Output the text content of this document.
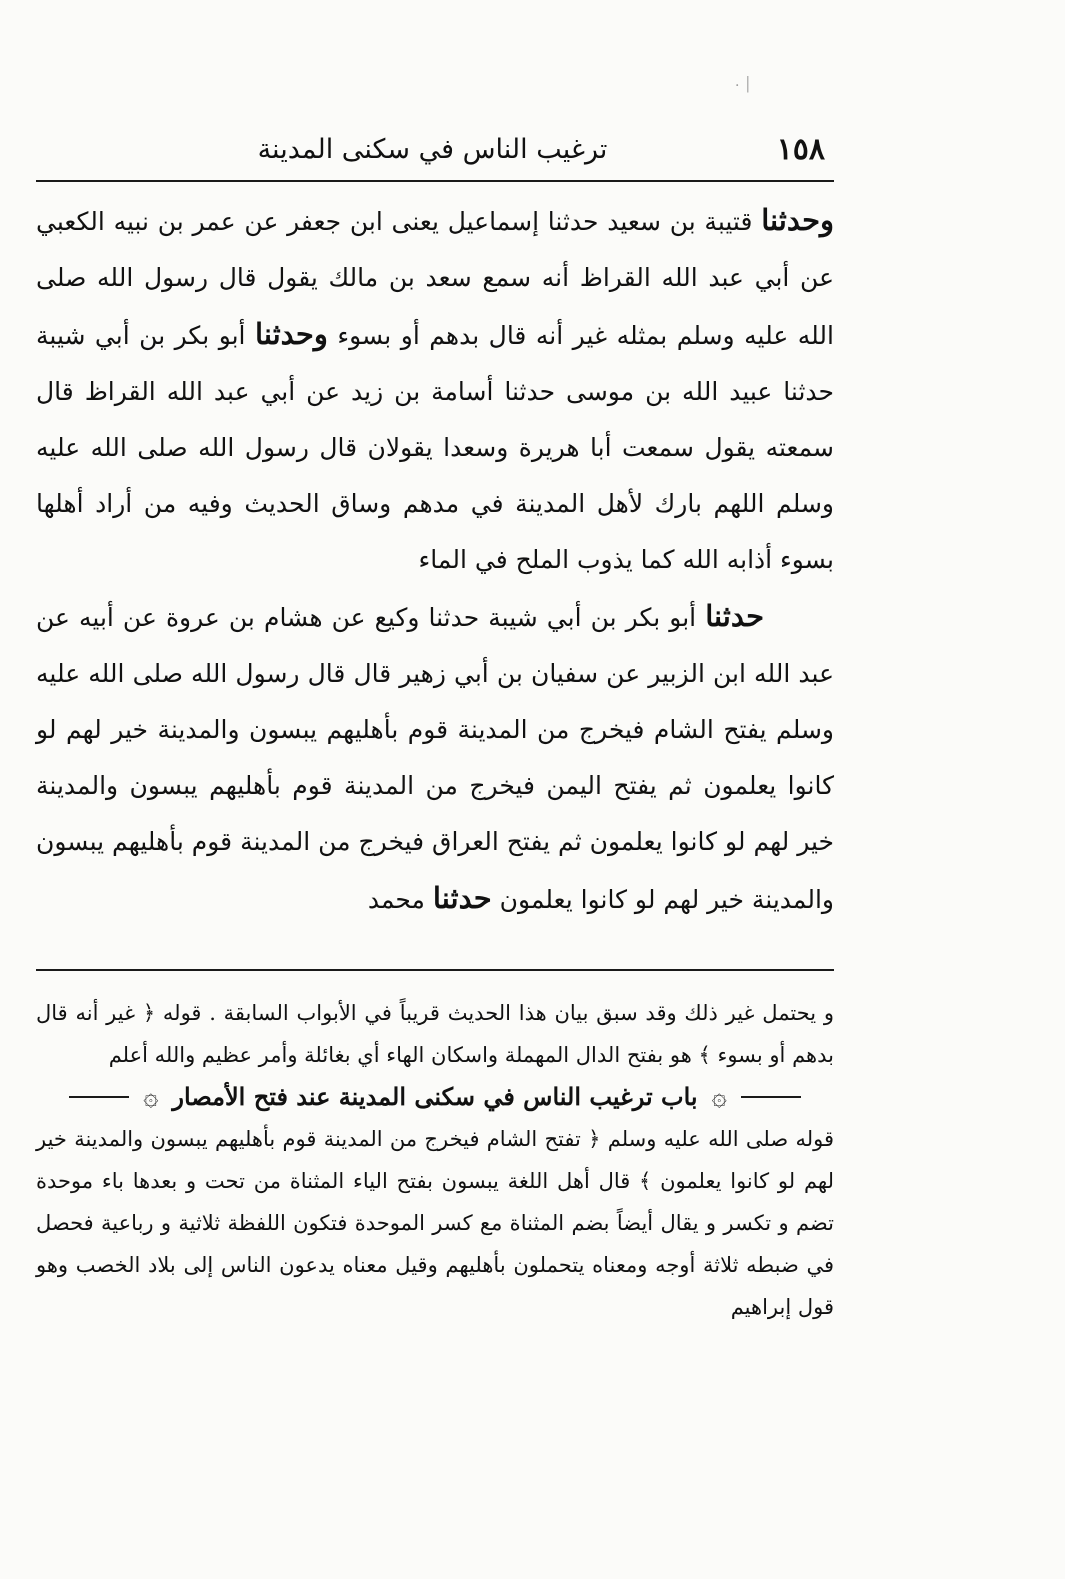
· ׀
١٥٨
ترغيب الناس في سكنى المدينة

وحدثنا قتيبة بن سعيد حدثنا إسماعيل يعنى ابن جعفر عن عمر بن نبيه الكعبي عن أبي عبد الله القراظ أنه سمع سعد بن مالك يقول قال رسول الله صلى الله عليه وسلم بمثله غير أنه قال بدهم أو بسوء وحدثنا أبو بكر بن أبي شيبة حدثنا عبيد الله بن موسى حدثنا أسامة بن زيد عن أبي عبد الله القراظ قال سمعته يقول سمعت أبا هريرة وسعدا يقولان قال رسول الله صلى الله عليه وسلم اللهم بارك لأهل المدينة في مدهم وساق الحديث وفيه من أراد أهلها بسوء أذابه الله كما يذوب الملح في الماء

حدثنا أبو بكر بن أبي شيبة حدثنا وكيع عن هشام بن عروة عن أبيه عن عبد الله ابن الزبير عن سفيان بن أبي زهير قال قال رسول الله صلى الله عليه وسلم يفتح الشام فيخرج من المدينة قوم بأهليهم يبسون والمدينة خير لهم لو كانوا يعلمون ثم يفتح اليمن فيخرج من المدينة قوم بأهليهم يبسون والمدينة خير لهم لو كانوا يعلمون ثم يفتح العراق فيخرج من المدينة قوم بأهليهم يبسون والمدينة خير لهم لو كانوا يعلمون حدثنا محمد

و يحتمل غير ذلك وقد سبق بيان هذا الحديث قريباً في الأبواب السابقة . قوله ﴿ غير أنه قال بدهم أو بسوء ﴾ هو بفتح الدال المهملة واسكان الهاء أي بغائلة وأمر عظيم والله أعلم

۞
باب ترغيب الناس في سكنى المدينة عند فتح الأمصار
۞

قوله صلى الله عليه وسلم ﴿ تفتح الشام فيخرج من المدينة قوم بأهليهم يبسون والمدينة خير لهم لو كانوا يعلمون ﴾ قال أهل اللغة يبسون بفتح الياء المثناة من تحت و بعدها باء موحدة تضم و تكسر و يقال أيضاً بضم المثناة مع كسر الموحدة فتكون اللفظة ثلاثية و رباعية فحصل في ضبطه ثلاثة أوجه ومعناه يتحملون بأهليهم وقيل معناه يدعون الناس إلى بلاد الخصب وهو قول إبراهيم
